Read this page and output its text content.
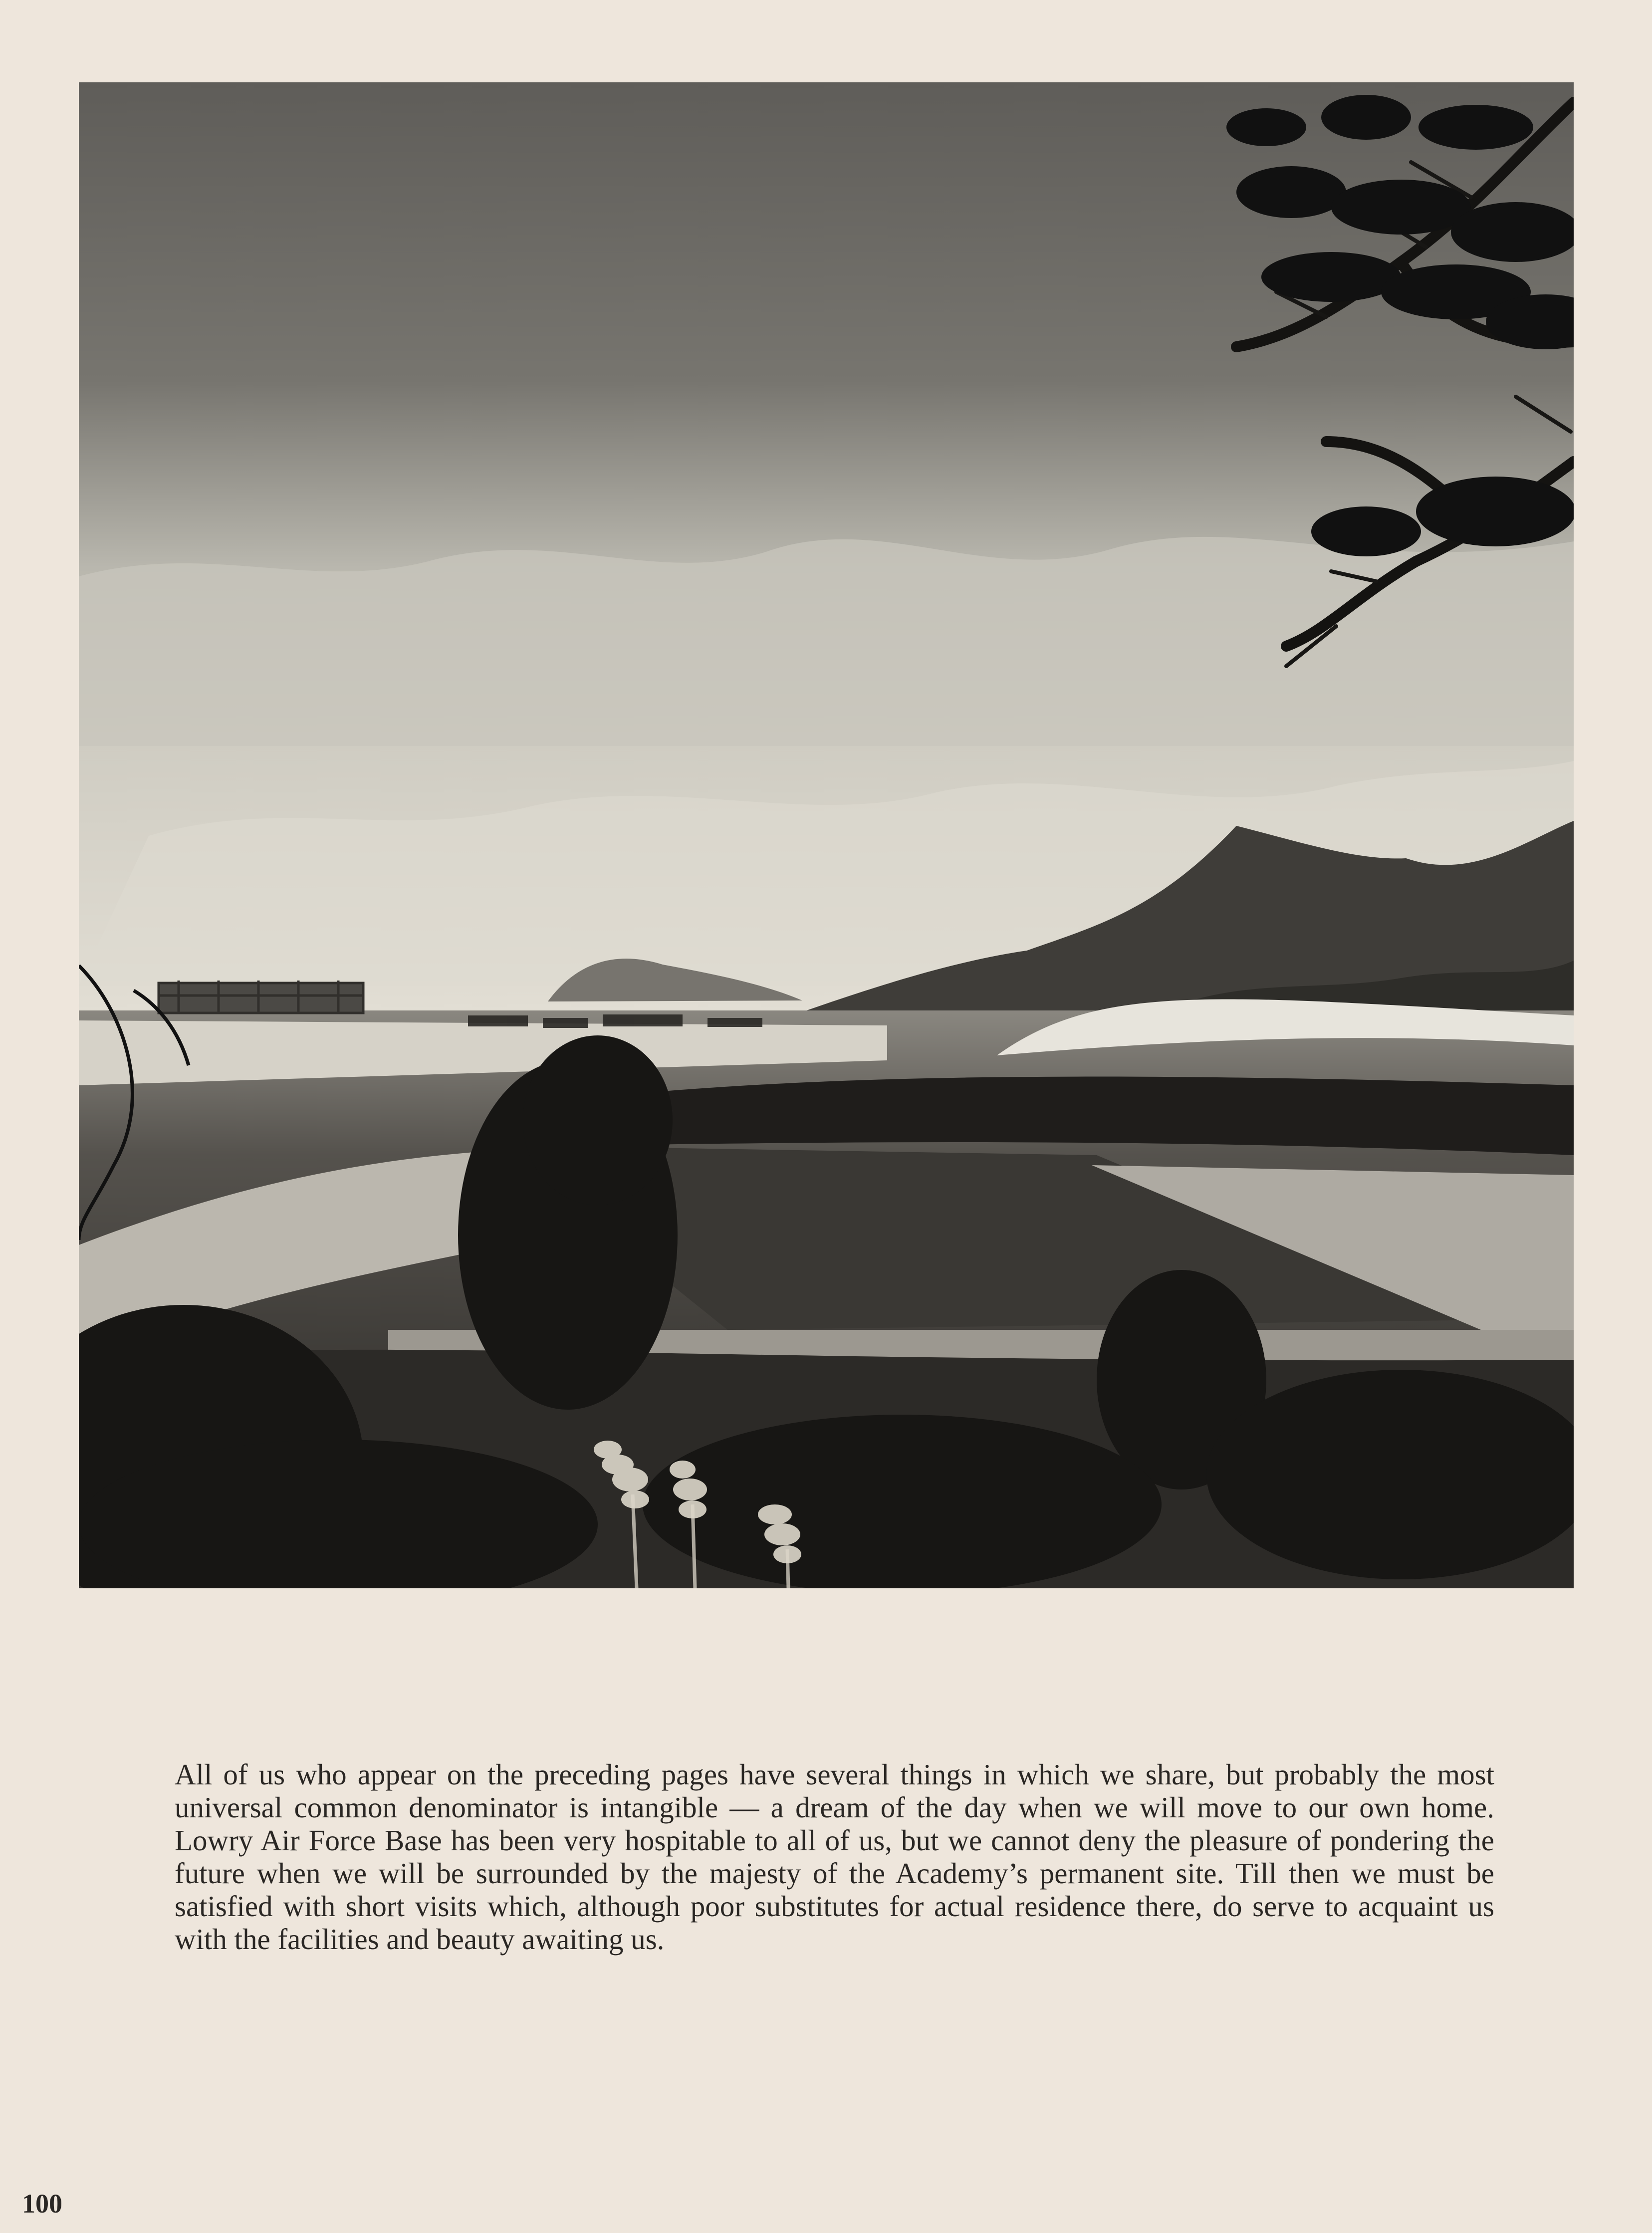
All of us who appear on the preceding pages have several things in which we share, but probably the most universal common denominator is intangible — a dream of the day when we will move to our own home. Lowry Air Force Base has been very hospitable to all of us, but we cannot deny the pleasure of pondering the future when we will be surrounded by the majesty of the Academy’s permanent site. Till then we must be satisfied with short visits which, although poor substitutes for actual residence there, do serve to acquaint us with the facilities and beauty awaiting us.

100
